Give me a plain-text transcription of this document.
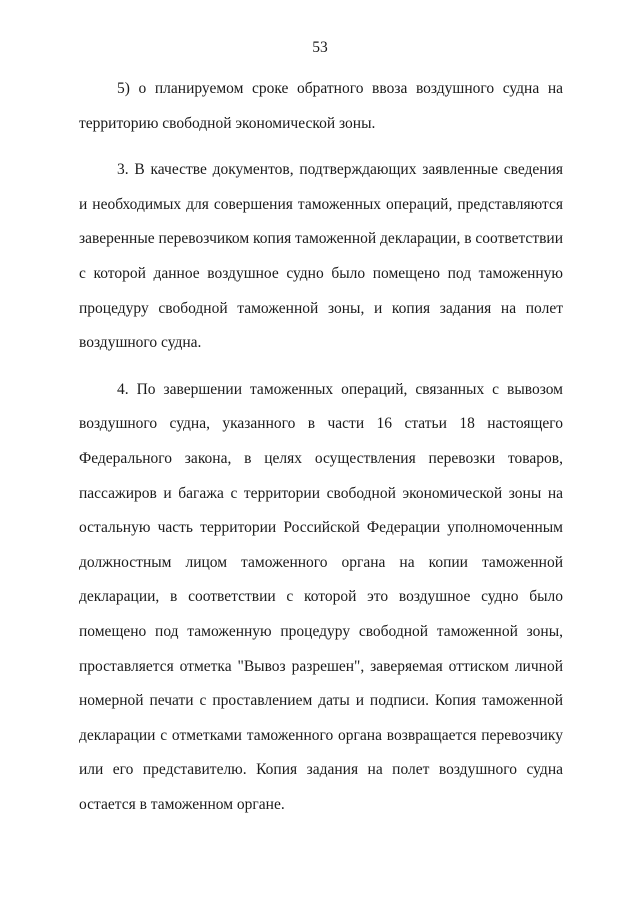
53

5) о планируемом сроке обратного ввоза воздушного судна на территорию свободной экономической зоны.

3. В качестве документов, подтверждающих заявленные сведения и необходимых для совершения таможенных операций, представляются заверенные перевозчиком копия таможенной декларации, в соответствии с которой данное воздушное судно было помещено под таможенную процедуру свободной таможенной зоны, и копия задания на полет воздушного судна.

4. По завершении таможенных операций, связанных с вывозом воздушного судна, указанного в части 16 статьи 18 настоящего Федерального закона, в целях осуществления перевозки товаров, пассажиров и багажа с территории свободной экономической зоны на остальную часть территории Российской Федерации уполномоченным должностным лицом таможенного органа на копии таможенной декларации, в соответствии с которой это воздушное судно было помещено под таможенную процедуру свободной таможенной зоны, проставляется отметка "Вывоз разрешен", заверяемая оттиском личной номерной печати с проставлением даты и подписи. Копия таможенной декларации с отметками таможенного органа возвращается перевозчику или его представителю. Копия задания на полет воздушного судна остается в таможенном органе.
